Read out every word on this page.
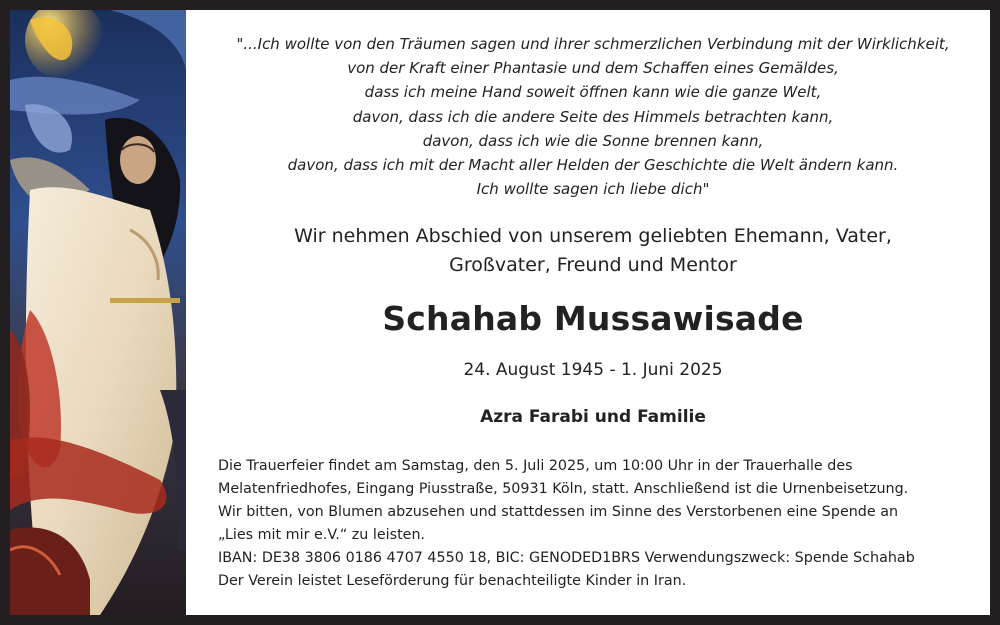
"...Ich wollte von den Träumen sagen und ihrer schmerzlichen Verbindung mit der Wirklichkeit,
von der Kraft einer Phantasie und dem Schaffen eines Gemäldes,
dass ich meine Hand soweit öffnen kann wie die ganze Welt,
davon, dass ich die andere Seite des Himmels betrachten kann,
davon, dass ich wie die Sonne brennen kann,
davon, dass ich mit der Macht aller Helden der Geschichte die Welt ändern kann.
Ich wollte sagen ich liebe dich"
Wir nehmen Abschied von unserem geliebten Ehemann, Vater,
Großvater, Freund und Mentor
Schahab Mussawisade
24. August 1945 - 1. Juni 2025
Azra Farabi und Familie
Die Trauerfeier findet am Samstag, den 5. Juli 2025, um 10:00 Uhr in der Trauerhalle des
Melatenfriedhofes, Eingang Piusstraße, 50931 Köln, statt. Anschließend ist die Urnenbeisetzung.
Wir bitten, von Blumen abzusehen und stattdessen im Sinne des Verstorbenen eine Spende an
„Lies mit mir e.V.“ zu leisten.
IBAN: DE38 3806 0186 4707 4550 18, BIC: GENODED1BRS Verwendungszweck: Spende Schahab
Der Verein leistet Leseförderung für benachteiligte Kinder in Iran.
